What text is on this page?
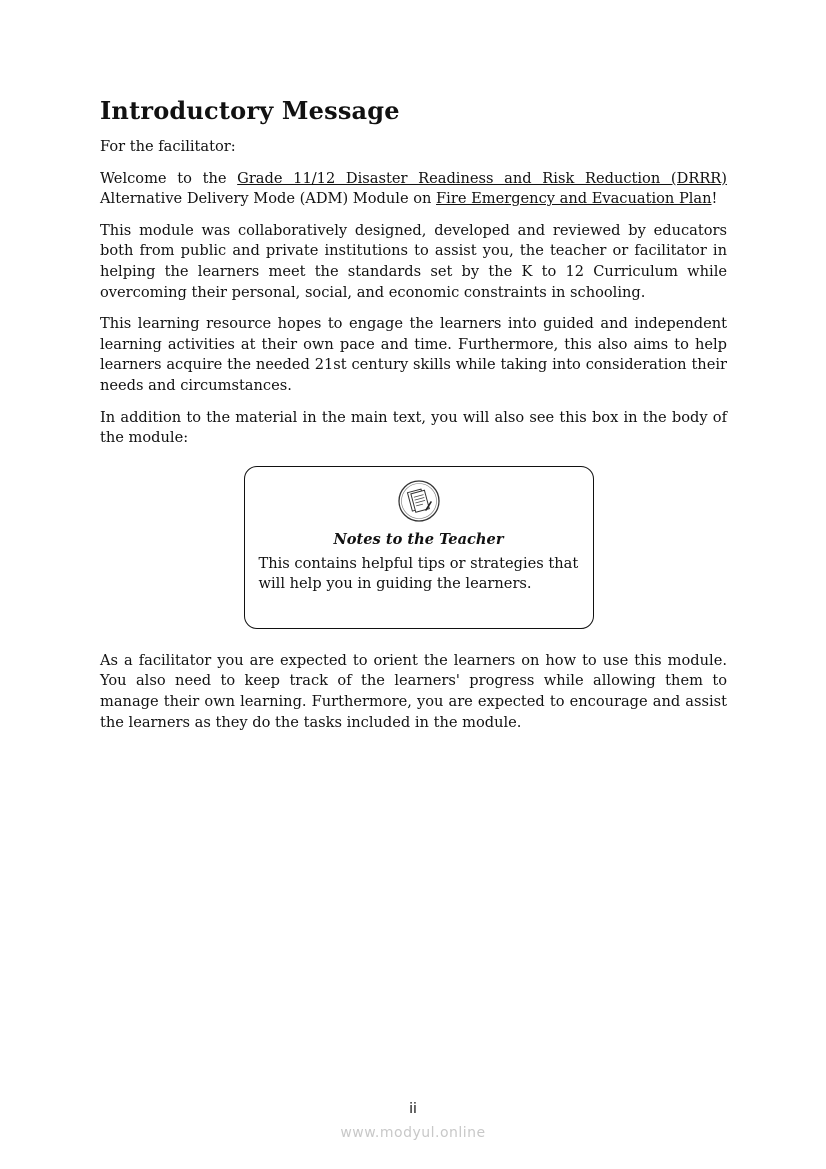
Introductory Message

For the facilitator:

Welcome to the Grade 11/12 Disaster Readiness and Risk Reduction (DRRR) Alternative Delivery Mode (ADM) Module on Fire Emergency and Evacuation Plan!

This module was collaboratively designed, developed and reviewed by educators both from public and private institutions to assist you, the teacher or facilitator in helping the learners meet the standards set by the K to 12 Curriculum while overcoming their personal, social, and economic constraints in schooling.

This learning resource hopes to engage the learners into guided and independent learning activities at their own pace and time. Furthermore, this also aims to help learners acquire the needed 21st century skills while taking into consideration their needs and circumstances.

In addition to the material in the main text, you will also see this box in the body of the module:

Notes to the Teacher

This contains helpful tips or strategies that will help you in guiding the learners.

As a facilitator you are expected to orient the learners on how to use this module. You also need to keep track of the learners' progress while allowing them to manage their own learning. Furthermore, you are expected to encourage and assist the learners as they do the tasks included in the module.

ii
www.modyul.online
